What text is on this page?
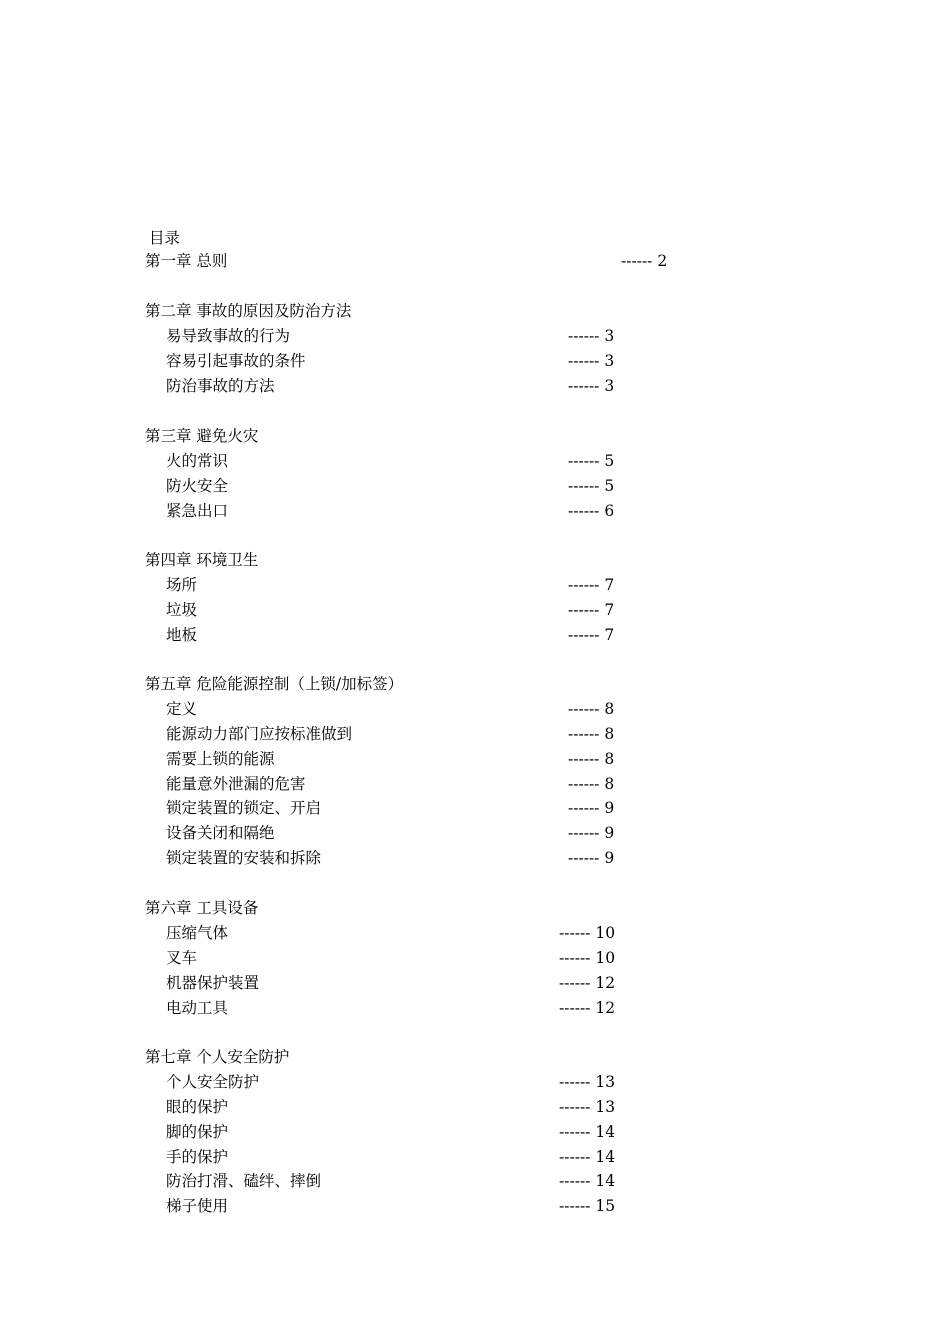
目录
第一章 总则	------ 2
第二章 事故的原因及防治方法
易导致事故的行为	------ 3
容易引起事故的条件	------ 3
防治事故的方法	------ 3
第三章 避免火灾
火的常识	------ 5
防火安全	------ 5
紧急出口	------ 6
第四章 环境卫生
场所	------ 7
垃圾	------ 7
地板	------ 7
第五章 危险能源控制（上锁/加标签）
定义	------ 8
能源动力部门应按标准做到	------ 8
需要上锁的能源	------ 8
能量意外泄漏的危害	------ 8
锁定装置的锁定、开启	------ 9
设备关闭和隔绝	------ 9
锁定装置的安装和拆除	------ 9
第六章 工具设备
压缩气体	------ 10
叉车	------ 10
机器保护装置	------ 12
电动工具	------ 12
第七章 个人安全防护
个人安全防护	------ 13
眼的保护	------ 13
脚的保护	------ 14
手的保护	------ 14
防治打滑、磕绊、摔倒	------ 14
梯子使用	------ 15
